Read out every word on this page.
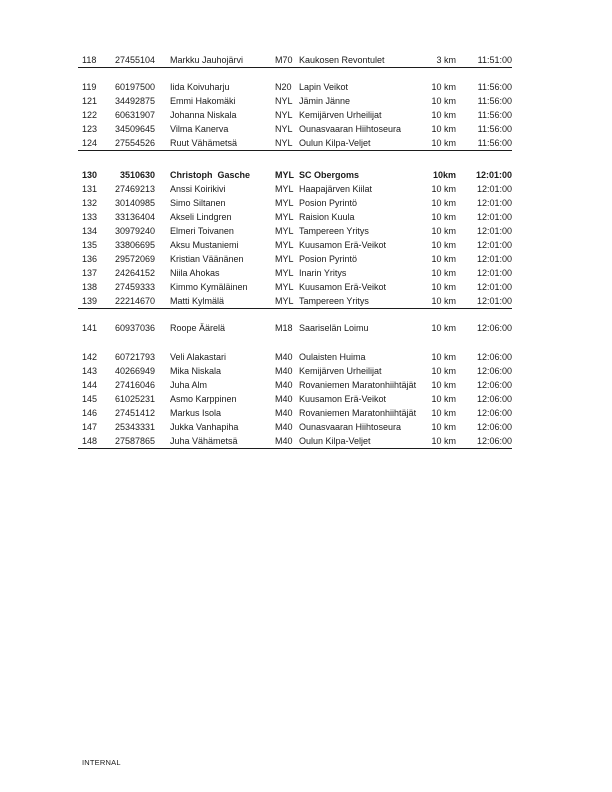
118	27455104	Markku Jauhojärvi	M70 Kaukosen Revontulet	3 km	11:51:00
119	60197500	Iida Koivuharju	N20 Lapin Veikot	10 km	11:56:00
121	34492875	Emmi Hakomäki	NYL Jämin Jänne	10 km	11:56:00
122	60631907	Johanna Niskala	NYL Kemijärven Urheilijat	10 km	11:56:00
123	34509645	Vilma Kanerva	NYL Ounasvaaran Hiihtoseura	10 km	11:56:00
124	27554526	Ruut Vähämetsä	NYL Oulun Kilpa-Veljet	10 km	11:56:00
130	3510630	Christoph  Gasche	MYL SC Obergoms	10km	12:01:00
131	27469213	Anssi Koirikivi	MYL Haapajärven Kiilat	10 km	12:01:00
132	30140985	Simo Siltanen	MYL Posion Pyrintö	10 km	12:01:00
133	33136404	Akseli Lindgren	MYL Raision Kuula	10 km	12:01:00
134	30979240	Elmeri Toivanen	MYL Tampereen Yritys	10 km	12:01:00
135	33806695	Aksu Mustaniemi	MYL Kuusamon Erä-Veikot	10 km	12:01:00
136	29572069	Kristian Väänänen	MYL Posion Pyrintö	10 km	12:01:00
137	24264152	Niila Ahokas	MYL Inarin Yritys	10 km	12:01:00
138	27459333	Kimmo Kymäläinen	MYL Kuusamon Erä-Veikot	10 km	12:01:00
139	22214670	Matti Kylmälä	MYL Tampereen Yritys	10 km	12:01:00
141	60937036	Roope Äärelä	M18 Saariselän Loimu	10 km	12:06:00
142	60721793	Veli Alakastari	M40 Oulaisten Huima	10 km	12:06:00
143	40266949	Mika Niskala	M40 Kemijärven Urheilijat	10 km	12:06:00
144	27416046	Juha Alm	M40 Rovaniemen Maratonhiihtäjät	10 km	12:06:00
145	61025231	Asmo Karppinen	M40 Kuusamon Erä-Veikot	10 km	12:06:00
146	27451412	Markus Isola	M40 Rovaniemen Maratonhiihtäjät	10 km	12:06:00
147	25343331	Jukka Vanhapiha	M40 Ounasvaaran Hiihtoseura	10 km	12:06:00
148	27587865	Juha Vähämetsä	M40 Oulun Kilpa-Veljet	10 km	12:06:00
INTERNAL
